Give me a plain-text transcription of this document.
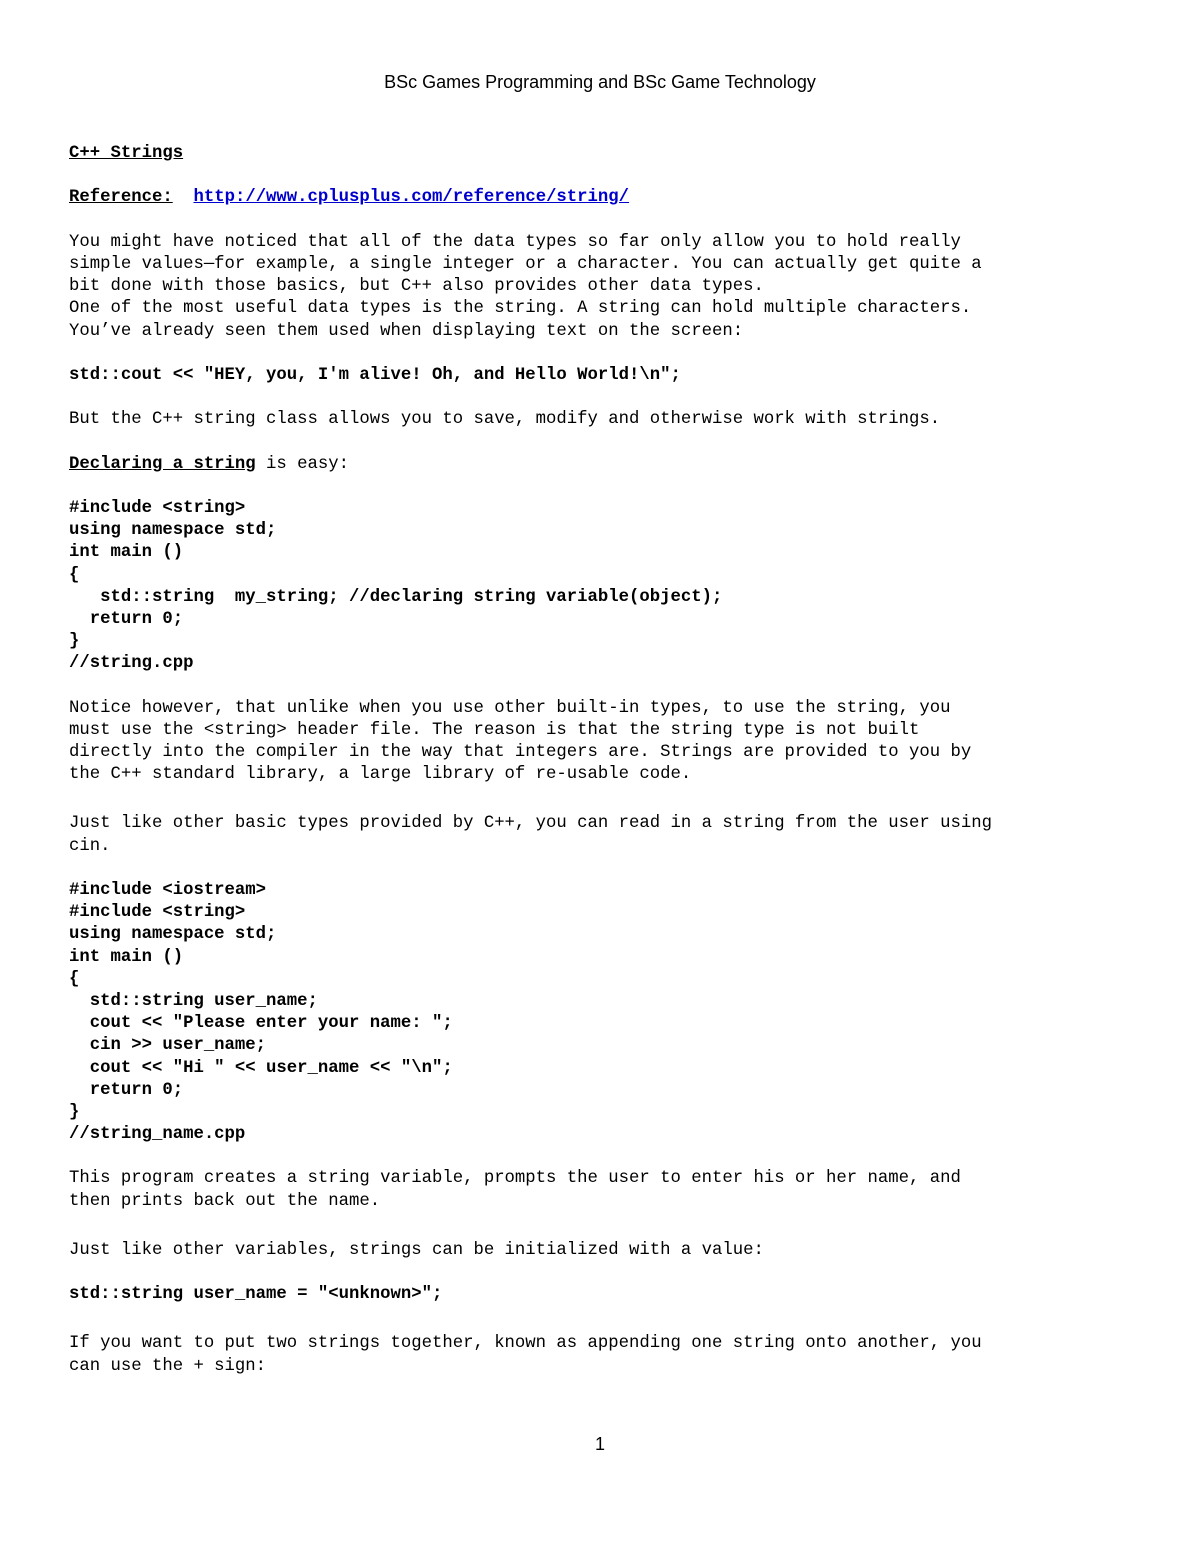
BSc Games Programming and BSc Game Technology
C++ Strings
Reference: http://www.cplusplus.com/reference/string/
You might have noticed that all of the data types so far only allow you to hold really
simple values—for example, a single integer or a character. You can actually get quite a
bit done with those basics, but C++ also provides other data types.
One of the most useful data types is the string. A string can hold multiple characters.
You’ve already seen them used when displaying text on the screen:
std::cout << "HEY, you, I'm alive! Oh, and Hello World!\n";
But the C++ string class allows you to save, modify and otherwise work with strings.
Declaring a string is easy:
#include <string>
using namespace std;
int main ()
{
std::string  my_string; //declaring string variable(object);
return 0;
}
//string.cpp
Notice however, that unlike when you use other built-in types, to use the string, you
must use the <string> header file. The reason is that the string type is not built
directly into the compiler in the way that integers are. Strings are provided to you by
the C++ standard library, a large library of re-usable code.
Just like other basic types provided by C++, you can read in a string from the user using
cin.
#include <iostream>
#include <string>
using namespace std;
int main ()
{
std::string user_name;
cout << "Please enter your name: ";
cin >> user_name;
cout << "Hi " << user_name << "\n";
return 0;
}
//string_name.cpp
This program creates a string variable, prompts the user to enter his or her name, and
then prints back out the name.
Just like other variables, strings can be initialized with a value:
std::string user_name = "<unknown>";
If you want to put two strings together, known as appending one string onto another, you
can use the + sign:
1
